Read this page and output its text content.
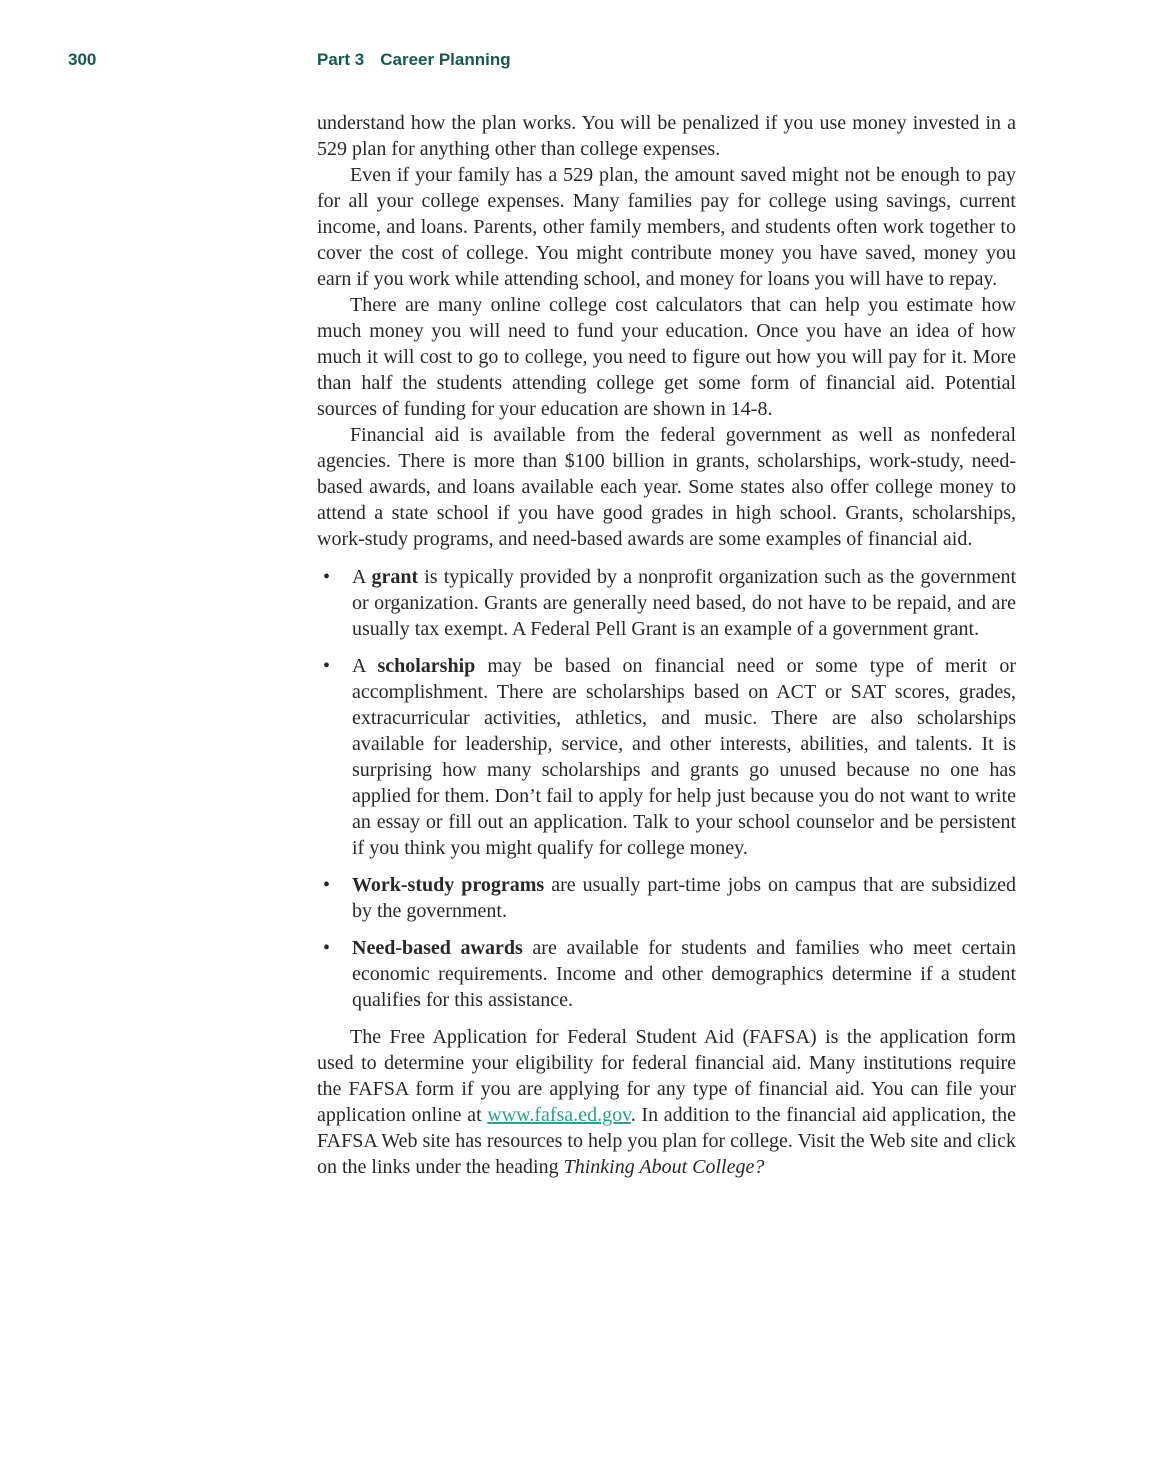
300	Part 3 Career Planning

understand how the plan works. You will be penalized if you use money invested in a 529 plan for anything other than college expenses.

Even if your family has a 529 plan, the amount saved might not be enough to pay for all your college expenses. Many families pay for college using savings, current income, and loans. Parents, other family members, and students often work together to cover the cost of college. You might contribute money you have saved, money you earn if you work while attending school, and money for loans you will have to repay.

There are many online college cost calculators that can help you estimate how much money you will need to fund your education. Once you have an idea of how much it will cost to go to college, you need to figure out how you will pay for it. More than half the students attending college get some form of financial aid. Potential sources of funding for your education are shown in 14-8.

Financial aid is available from the federal government as well as nonfederal agencies. There is more than $100 billion in grants, scholarships, work-study, need-based awards, and loans available each year. Some states also offer college money to attend a state school if you have good grades in high school. Grants, scholarships, work-study programs, and need-based awards are some examples of financial aid.

• A grant is typically provided by a nonprofit organization such as the government or organization. Grants are generally need based, do not have to be repaid, and are usually tax exempt. A Federal Pell Grant is an example of a government grant.
• A scholarship may be based on financial need or some type of merit or accomplishment. There are scholarships based on ACT or SAT scores, grades, extracurricular activities, athletics, and music. There are also scholarships available for leadership, service, and other interests, abilities, and talents. It is surprising how many scholarships and grants go unused because no one has applied for them. Don’t fail to apply for help just because you do not want to write an essay or fill out an application. Talk to your school counselor and be persistent if you think you might qualify for college money.
• Work-study programs are usually part-time jobs on campus that are subsidized by the government.
• Need-based awards are available for students and families who meet certain economic requirements. Income and other demographics determine if a student qualifies for this assistance.

The Free Application for Federal Student Aid (FAFSA) is the application form used to determine your eligibility for federal financial aid. Many institutions require the FAFSA form if you are applying for any type of financial aid. You can file your application online at www.fafsa.ed.gov. In addition to the financial aid application, the FAFSA Web site has resources to help you plan for college. Visit the Web site and click on the links under the heading Thinking About College?
